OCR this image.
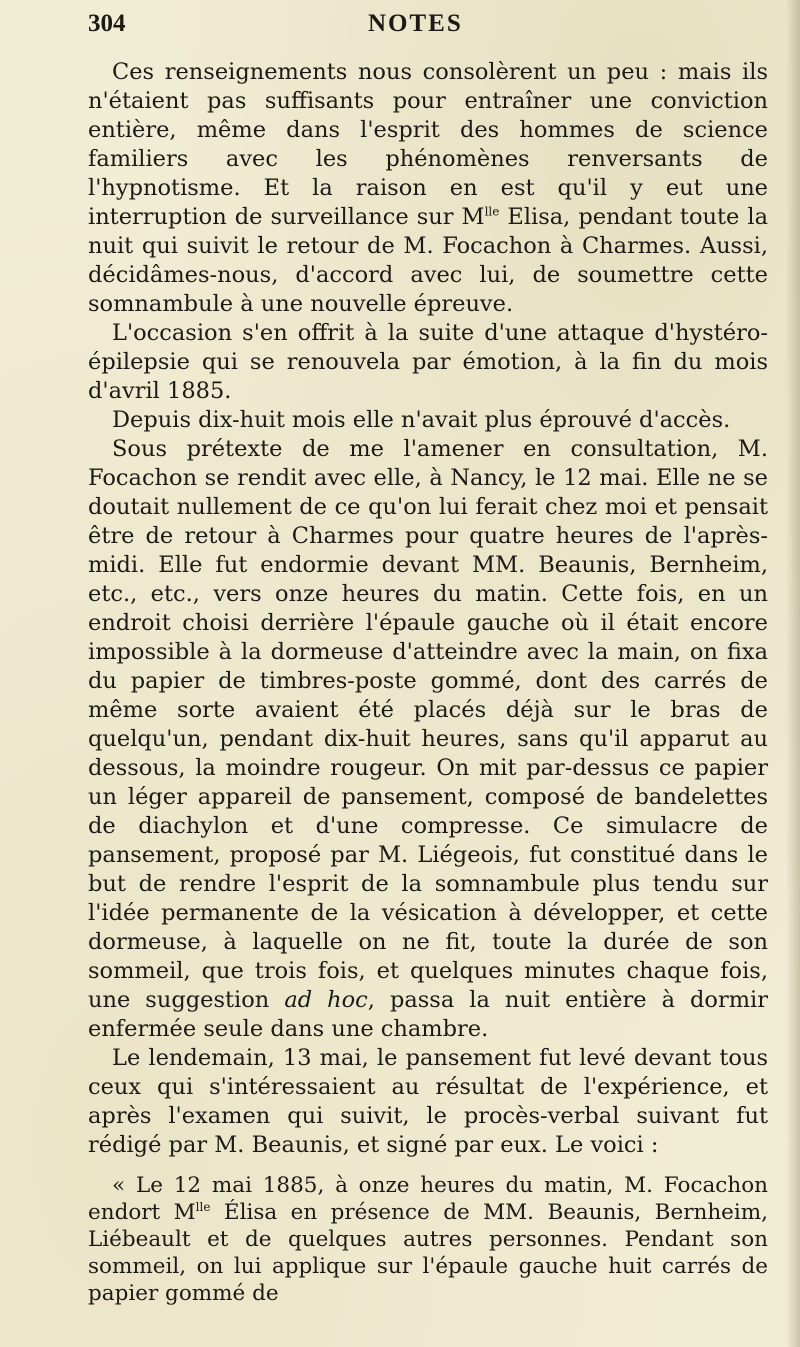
304	NOTES

Ces renseignements nous consolèrent un peu : mais ils n'étaient pas suffisants pour entraîner une conviction entière, même dans l'esprit des hommes de science familiers avec les phénomènes renversants de l'hypnotisme. Et la raison en est qu'il y eut une interruption de surveillance sur $M^{lle}$ Elisa, pendant toute la nuit qui suivit le retour de M. Focachon à Charmes. Aussi, décidâmes-nous, d'accord avec lui, de soumettre cette somnambule à une nouvelle épreuve.

L'occasion s'en offrit à la suite d'une attaque d'hystéro-épilepsie qui se renouvela par émotion, à la fin du mois d'avril 1885.

Depuis dix-huit mois elle n'avait plus éprouvé d'accès.

Sous prétexte de me l'amener en consultation, M. Focachon se rendit avec elle, à Nancy, le 12 mai. Elle ne se doutait nullement de ce qu'on lui ferait chez moi et pensait être de retour à Charmes pour quatre heures de l'après-midi. Elle fut endormie devant MM. Beaunis, Bernheim, etc., etc., vers onze heures du matin. Cette fois, en un endroit choisi derrière l'épaule gauche où il était encore impossible à la dormeuse d'atteindre avec la main, on fixa du papier de timbres-poste gommé, dont des carrés de même sorte avaient été placés déjà sur le bras de quelqu'un, pendant dix-huit heures, sans qu'il apparut au dessous, la moindre rougeur. On mit par-dessus ce papier un léger appareil de pansement, composé de bandelettes de diachylon et d'une compresse. Ce simulacre de pansement, proposé par M. Liégeois, fut constitué dans le but de rendre l'esprit de la somnambule plus tendu sur l'idée permanente de la vésication à développer, et cette dormeuse, à laquelle on ne fit, toute la durée de son sommeil, que trois fois, et quelques minutes chaque fois, une suggestion ad hoc, passa la nuit entière à dormir enfermée seule dans une chambre.

Le lendemain, 13 mai, le pansement fut levé devant tous ceux qui s'intéressaient au résultat de l'expérience, et après l'examen qui suivit, le procès-verbal suivant fut rédigé par M. Beaunis, et signé par eux. Le voici :

« Le 12 mai 1885, à onze heures du matin, M. Focachon endort $M^{lle}$ Élisa en présence de MM. Beaunis, Bernheim, Liébeault et de quelques autres personnes. Pendant son sommeil, on lui applique sur l'épaule gauche huit carrés de papier gommé de
